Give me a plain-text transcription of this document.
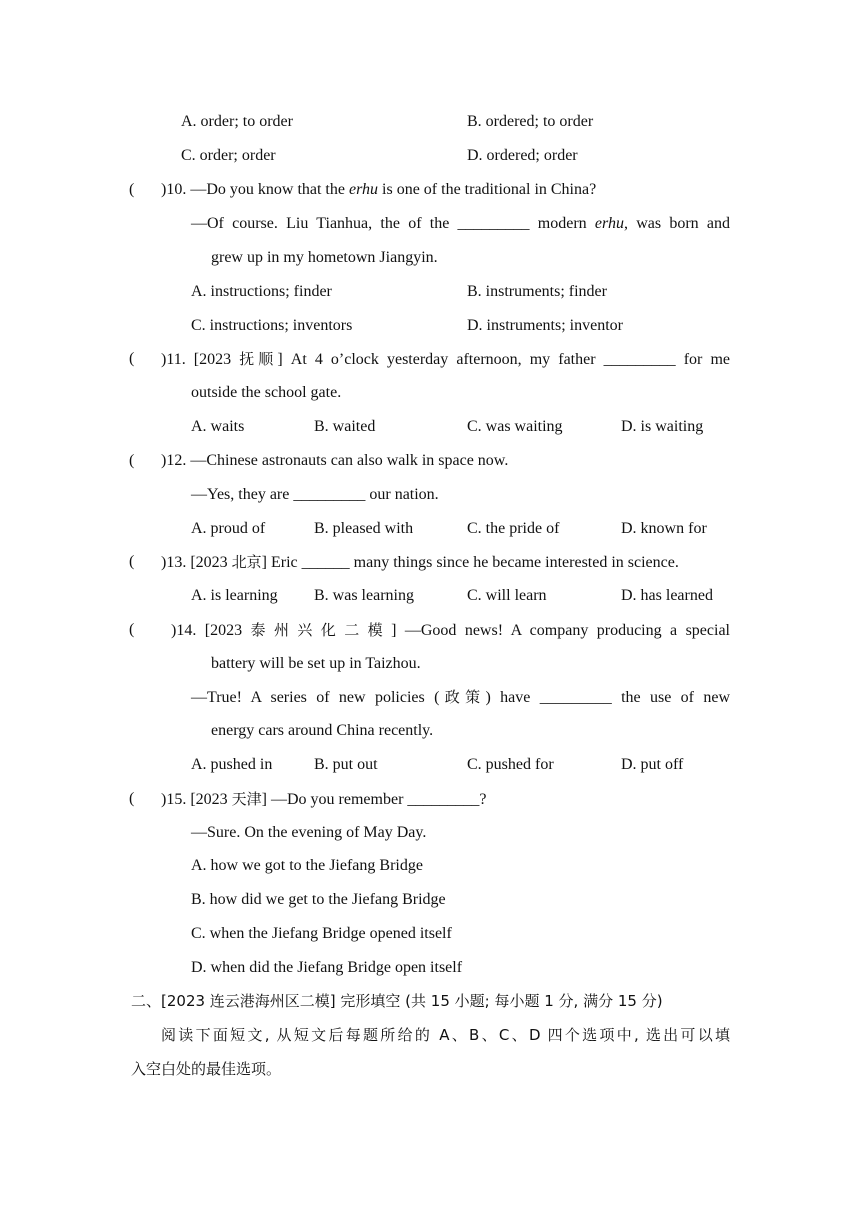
A. order; to order	B. ordered; to order
C. order; order	D. ordered; order
( )10. —Do you know that the erhu is one of the traditional in China?
—Of course. Liu Tianhua, the of the _________ modern erhu, was born and
grew up in my hometown Jiangyin.
A. instructions; finder	B. instruments; finder
C. instructions; inventors	D. instruments; inventor
( )11. [2023 抚顺] At 4 o’clock yesterday afternoon, my father _________ for me
outside the school gate.
A. waits	B. waited	C. was waiting	D. is waiting
( )12. —Chinese astronauts can also walk in space now.
—Yes, they are _________ our nation.
A. proud of	B. pleased with	C. the pride of	D. known for
( )13. [2023 北京] Eric ______ many things since he became interested in science.
A. is learning B. was learning	C. will learn	D. has learned
( )14. [2023 泰州兴化二模] —Good news! A company producing a special
battery will be set up in Taizhou.
—True! A series of new policies (政策) have _________ the use of new
energy cars around China recently.
A. pushed in	B. put out	C. pushed for	D. put off
( )15. [2023 天津] —Do you remember _________?
—Sure. On the evening of May Day.
A. how we got to the Jiefang Bridge
B. how did we get to the Jiefang Bridge
C. when the Jiefang Bridge opened itself
D. when did the Jiefang Bridge open itself
二、[2023 连云港海州区二模] 完形填空 (共 15 小题; 每小题 1 分, 满分 15 分)
阅读下面短文, 从短文后每题所给的 A、B、C、D 四个选项中, 选出可以填
入空白处的最佳选项。
